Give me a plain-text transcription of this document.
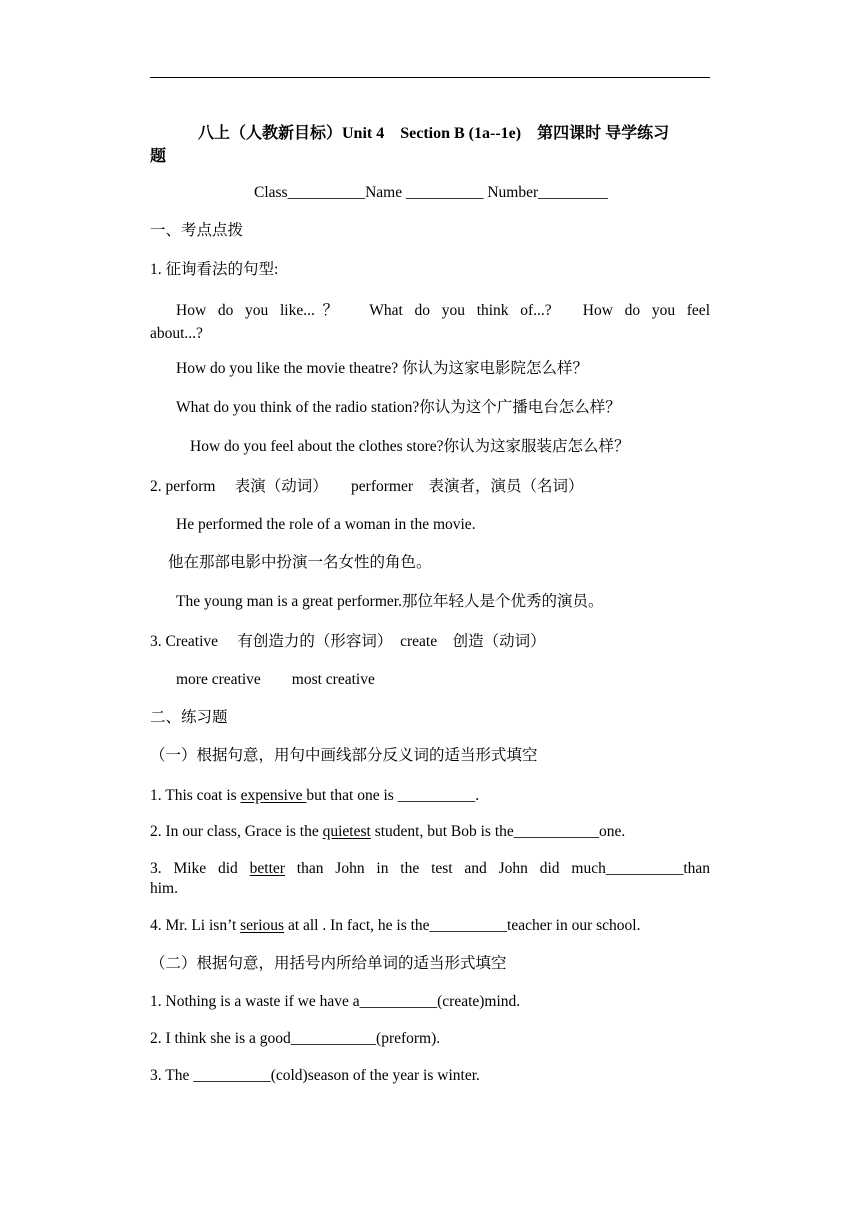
八上（人教新目标）Unit 4　Section B (1a--1e)　第四课时 导学练习
题
Class__________Name __________ Number_________
一、考点点拨
1. 征询看法的句型:
How do you like...？　What do you think of...?　How do you feel
about...?
How do you like the movie theatre? 你认为这家电影院怎么样？
What do you think of the radio station?你认为这个广播电台怎么样？
How do you feel about the clothes store?你认为这家服装店怎么样？
2. perform　 表演（动词）　　performer　表演者，演员（名词）
He performed the role of a woman in the movie.
他在那部电影中扮演一名女性的角色。
The young man is a great performer.那位年轻人是个优秀的演员。
3. Creative　 有创造力的（形容词）　create　创造（动词）
more creative　　most creative
二、练习题
（一）根据句意，用句中画线部分反义词的适当形式填空
1. This coat is expensive but that one is __________.
2. In our class, Grace is the quietest student, but Bob is the___________one.
3. Mike did better than John in the test and John did much__________than
him.
4. Mr. Li isn’t serious at all . In fact, he is the__________teacher in our school.
（二）根据句意，用括号内所给单词的适当形式填空
1. Nothing is a waste if we have a__________(create)mind.
2. I think she is a good___________(preform).
3. The __________(cold)season of the year is winter.
